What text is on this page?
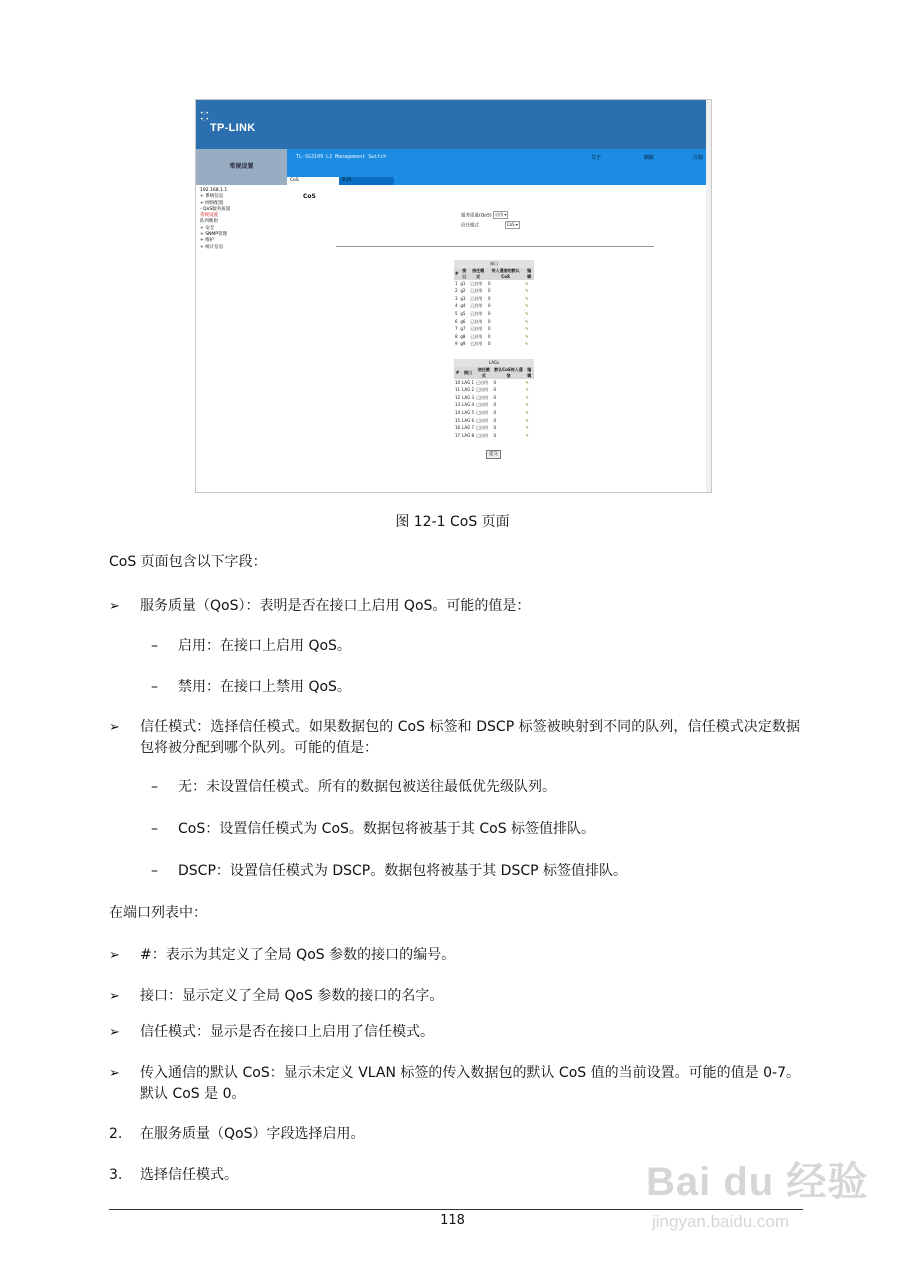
•:•
•.•
TP-LINK
常规设置
TL-SG3109 L2 Management Switch	关于	刷新	注销
CoS	队列
CoS
192.168.1.1
+ 系统信息
+ 网络配置
- QoS服务质量
常规设置
队列映射
+ 安全
+ SNMP管理
+ 维护
+ 统计信息
服务质量(QoS) 启用 ▾
信任模式	CoS ▾
端口				
#	接口	信任模式	传入通信的默认CoS	编辑
1	g1	已启用	0	✎
2	g2	已启用	0	✎
3	g3	已启用	0	✎
4	g4	已启用	0	✎
5	g5	已启用	0	✎
6	g6	已启用	0	✎
7	g7	已启用	0	✎
8	g8	已启用	0	✎
9	g9	已启用	0	✎
LAGs				
#	接口	信任模式	默认CoS传入通信	编辑
10	LAG 1	已启用	0	✎
11	LAG 2	已启用	0	✎
12	LAG 3	已启用	0	✎
13	LAG 4	已启用	0	✎
14	LAG 5	已启用	0	✎
15	LAG 6	已启用	0	✎
16	LAG 7	已启用	0	✎
17	LAG 8	已启用	0	✎
提交
图 12-1 CoS 页面
CoS 页面包含以下字段：
➢ 服务质量（QoS）：表明是否在接口上启用 QoS。可能的值是：
– 启用：在接口上启用 QoS。
– 禁用：在接口上禁用 QoS。
➢ 信任模式：选择信任模式。如果数据包的 CoS 标签和 DSCP 标签被映射到不同的队列，信任模式决定数据包将被分配到哪个队列。可能的值是：
– 无：未设置信任模式。所有的数据包被送往最低优先级队列。
– CoS：设置信任模式为 CoS。数据包将被基于其 CoS 标签值排队。
– DSCP：设置信任模式为 DSCP。数据包将被基于其 DSCP 标签值排队。
在端口列表中：
➢ #：表示为其定义了全局 QoS 参数的接口的编号。
➢ 接口：显示定义了全局 QoS 参数的接口的名字。
➢ 信任模式：显示是否在接口上启用了信任模式。
➢ 传入通信的默认 CoS：显示未定义 VLAN 标签的传入数据包的默认 CoS 值的当前设置。可能的值是 0-7。默认 CoS 是 0。
2. 在服务质量（QoS）字段选择启用。
3. 选择信任模式。
118
Bai du 经验
jingyan.baidu.com
